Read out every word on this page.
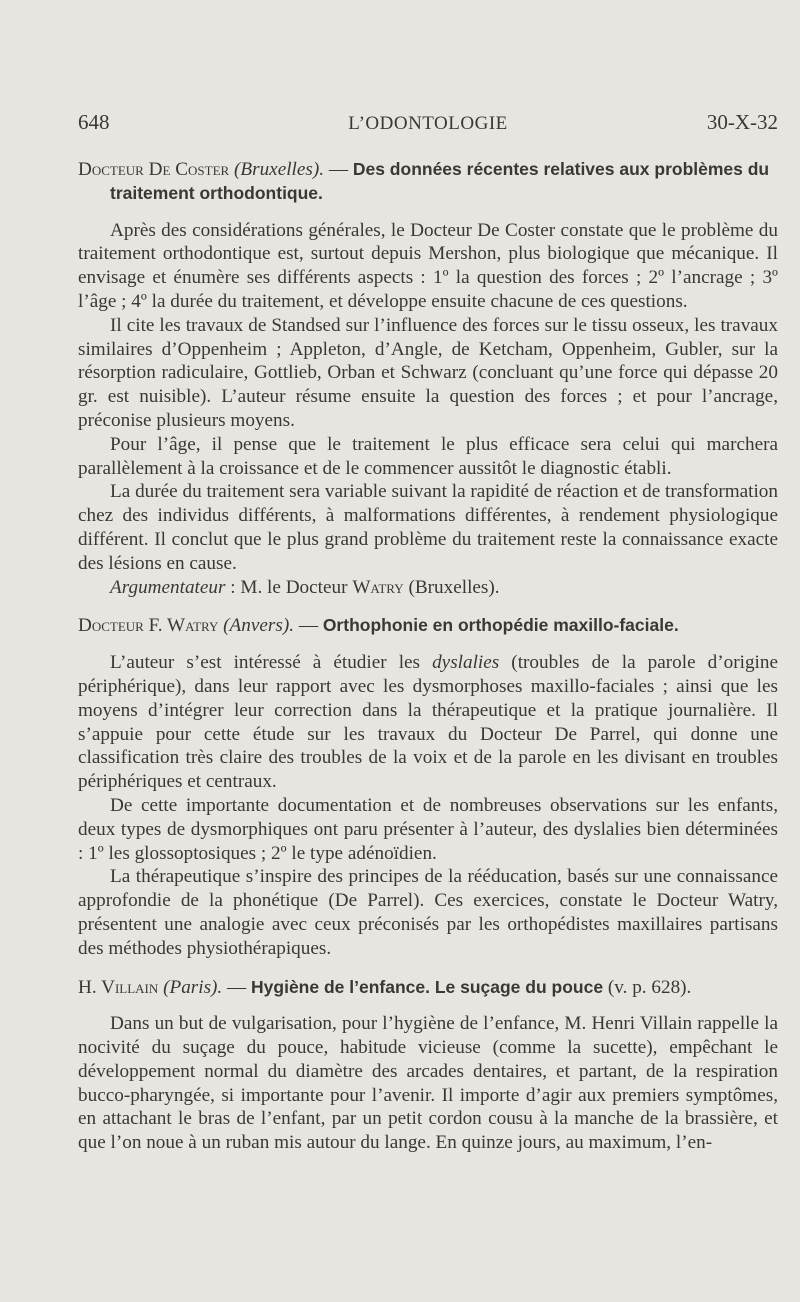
648	L’ODONTOLOGIE	30-X-32
Docteur De Coster (Bruxelles). — Des données récentes relatives aux problèmes du traitement orthodontique.

Après des considérations générales, le Docteur De Coster constate que le problème du traitement orthodontique est, surtout depuis Mershon, plus biologique que mécanique. Il envisage et énumère ses différents aspects : 1º la question des forces ; 2º l’ancrage ; 3º l’âge ; 4º la durée du traitement, et développe ensuite chacune de ces questions.

Il cite les travaux de Standsed sur l’influence des forces sur le tissu osseux, les travaux similaires d’Oppenheim ; Appleton, d’Angle, de Ketcham, Oppenheim, Gubler, sur la résorption radiculaire, Gottlieb, Orban et Schwarz (concluant qu’une force qui dépasse 20 gr. est nuisible). L’auteur résume ensuite la question des forces ; et pour l’ancrage, préconise plusieurs moyens.

Pour l’âge, il pense que le traitement le plus efficace sera celui qui marchera parallèlement à la croissance et de le commencer aussitôt le diagnostic établi.

La durée du traitement sera variable suivant la rapidité de réaction et de transformation chez des individus différents, à malformations différentes, à rendement physiologique différent. Il conclut que le plus grand problème du traitement reste la connaissance exacte des lésions en cause.

Argumentateur : M. le Docteur Watry (Bruxelles).

Docteur F. Watry (Anvers). — Orthophonie en orthopédie maxillo-faciale.

L’auteur s’est intéressé à étudier les dyslalies (troubles de la parole d’origine périphérique), dans leur rapport avec les dysmorphoses maxillo-faciales ; ainsi que les moyens d’intégrer leur correction dans la thérapeutique et la pratique journalière. Il s’appuie pour cette étude sur les travaux du Docteur De Parrel, qui donne une classification très claire des troubles de la voix et de la parole en les divisant en troubles périphériques et centraux.

De cette importante documentation et de nombreuses observations sur les enfants, deux types de dysmorphiques ont paru présenter à l’auteur, des dyslalies bien déterminées : 1º les glossoptosiques ; 2º le type adénoïdien.

La thérapeutique s’inspire des principes de la rééducation, basés sur une connaissance approfondie de la phonétique (De Parrel). Ces exercices, constate le Docteur Watry, présentent une analogie avec ceux préconisés par les orthopédistes maxillaires partisans des méthodes physiothérapiques.

H. Villain (Paris). — Hygiène de l’enfance. Le suçage du pouce (v. p. 628).

Dans un but de vulgarisation, pour l’hygiène de l’enfance, M. Henri Villain rappelle la nocivité du suçage du pouce, habitude vicieuse (comme la sucette), empêchant le développement normal du diamètre des arcades dentaires, et partant, de la respiration bucco-pharyngée, si importante pour l’avenir. Il importe d’agir aux premiers symptômes, en attachant le bras de l’enfant, par un petit cordon cousu à la manche de la brassière, et que l’on noue à un ruban mis autour du lange. En quinze jours, au maximum, l’en-
